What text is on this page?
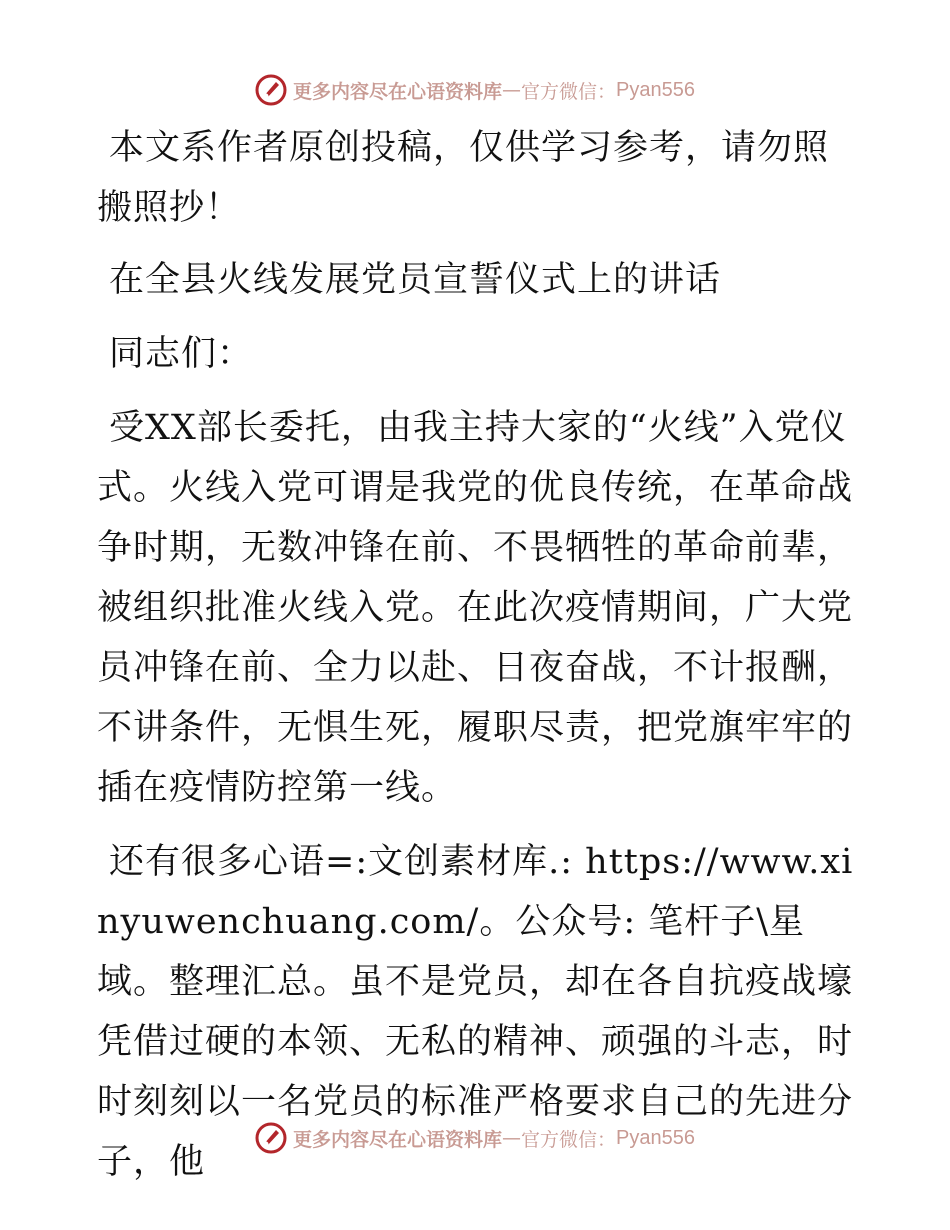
更多内容尽在心语资料库 — 官方微信： Pyan556

本文系作者原创投稿，仅供学习参考，请勿照搬照抄！

在全县火线发展党员宣誓仪式上的讲话

同志们：

受XX部长委托，由我主持大家的“火线”入党仪式。火线入党可谓是我党的优良传统，在革命战争时期，无数冲锋在前、不畏牺牲的革命前辈，被组织批准火线入党。在此次疫情期间，广大党员冲锋在前、全力以赴、日夜奋战，不计报酬，不讲条件，无惧生死，履职尽责，把党旗牢牢的插在疫情防控第一线。

还有很多心语=:文创素材库.: https://www.xinyuwenchuang.com/。公众号: 笔杆子\星域。整理汇总。虽不是党员，却在各自抗疫战壕凭借过硬的本领、无私的精神、顽强的斗志，时时刻刻以一名党员的标准严格要求自己的先进分子，他

更多内容尽在心语资料库 — 官方微信： Pyan556
